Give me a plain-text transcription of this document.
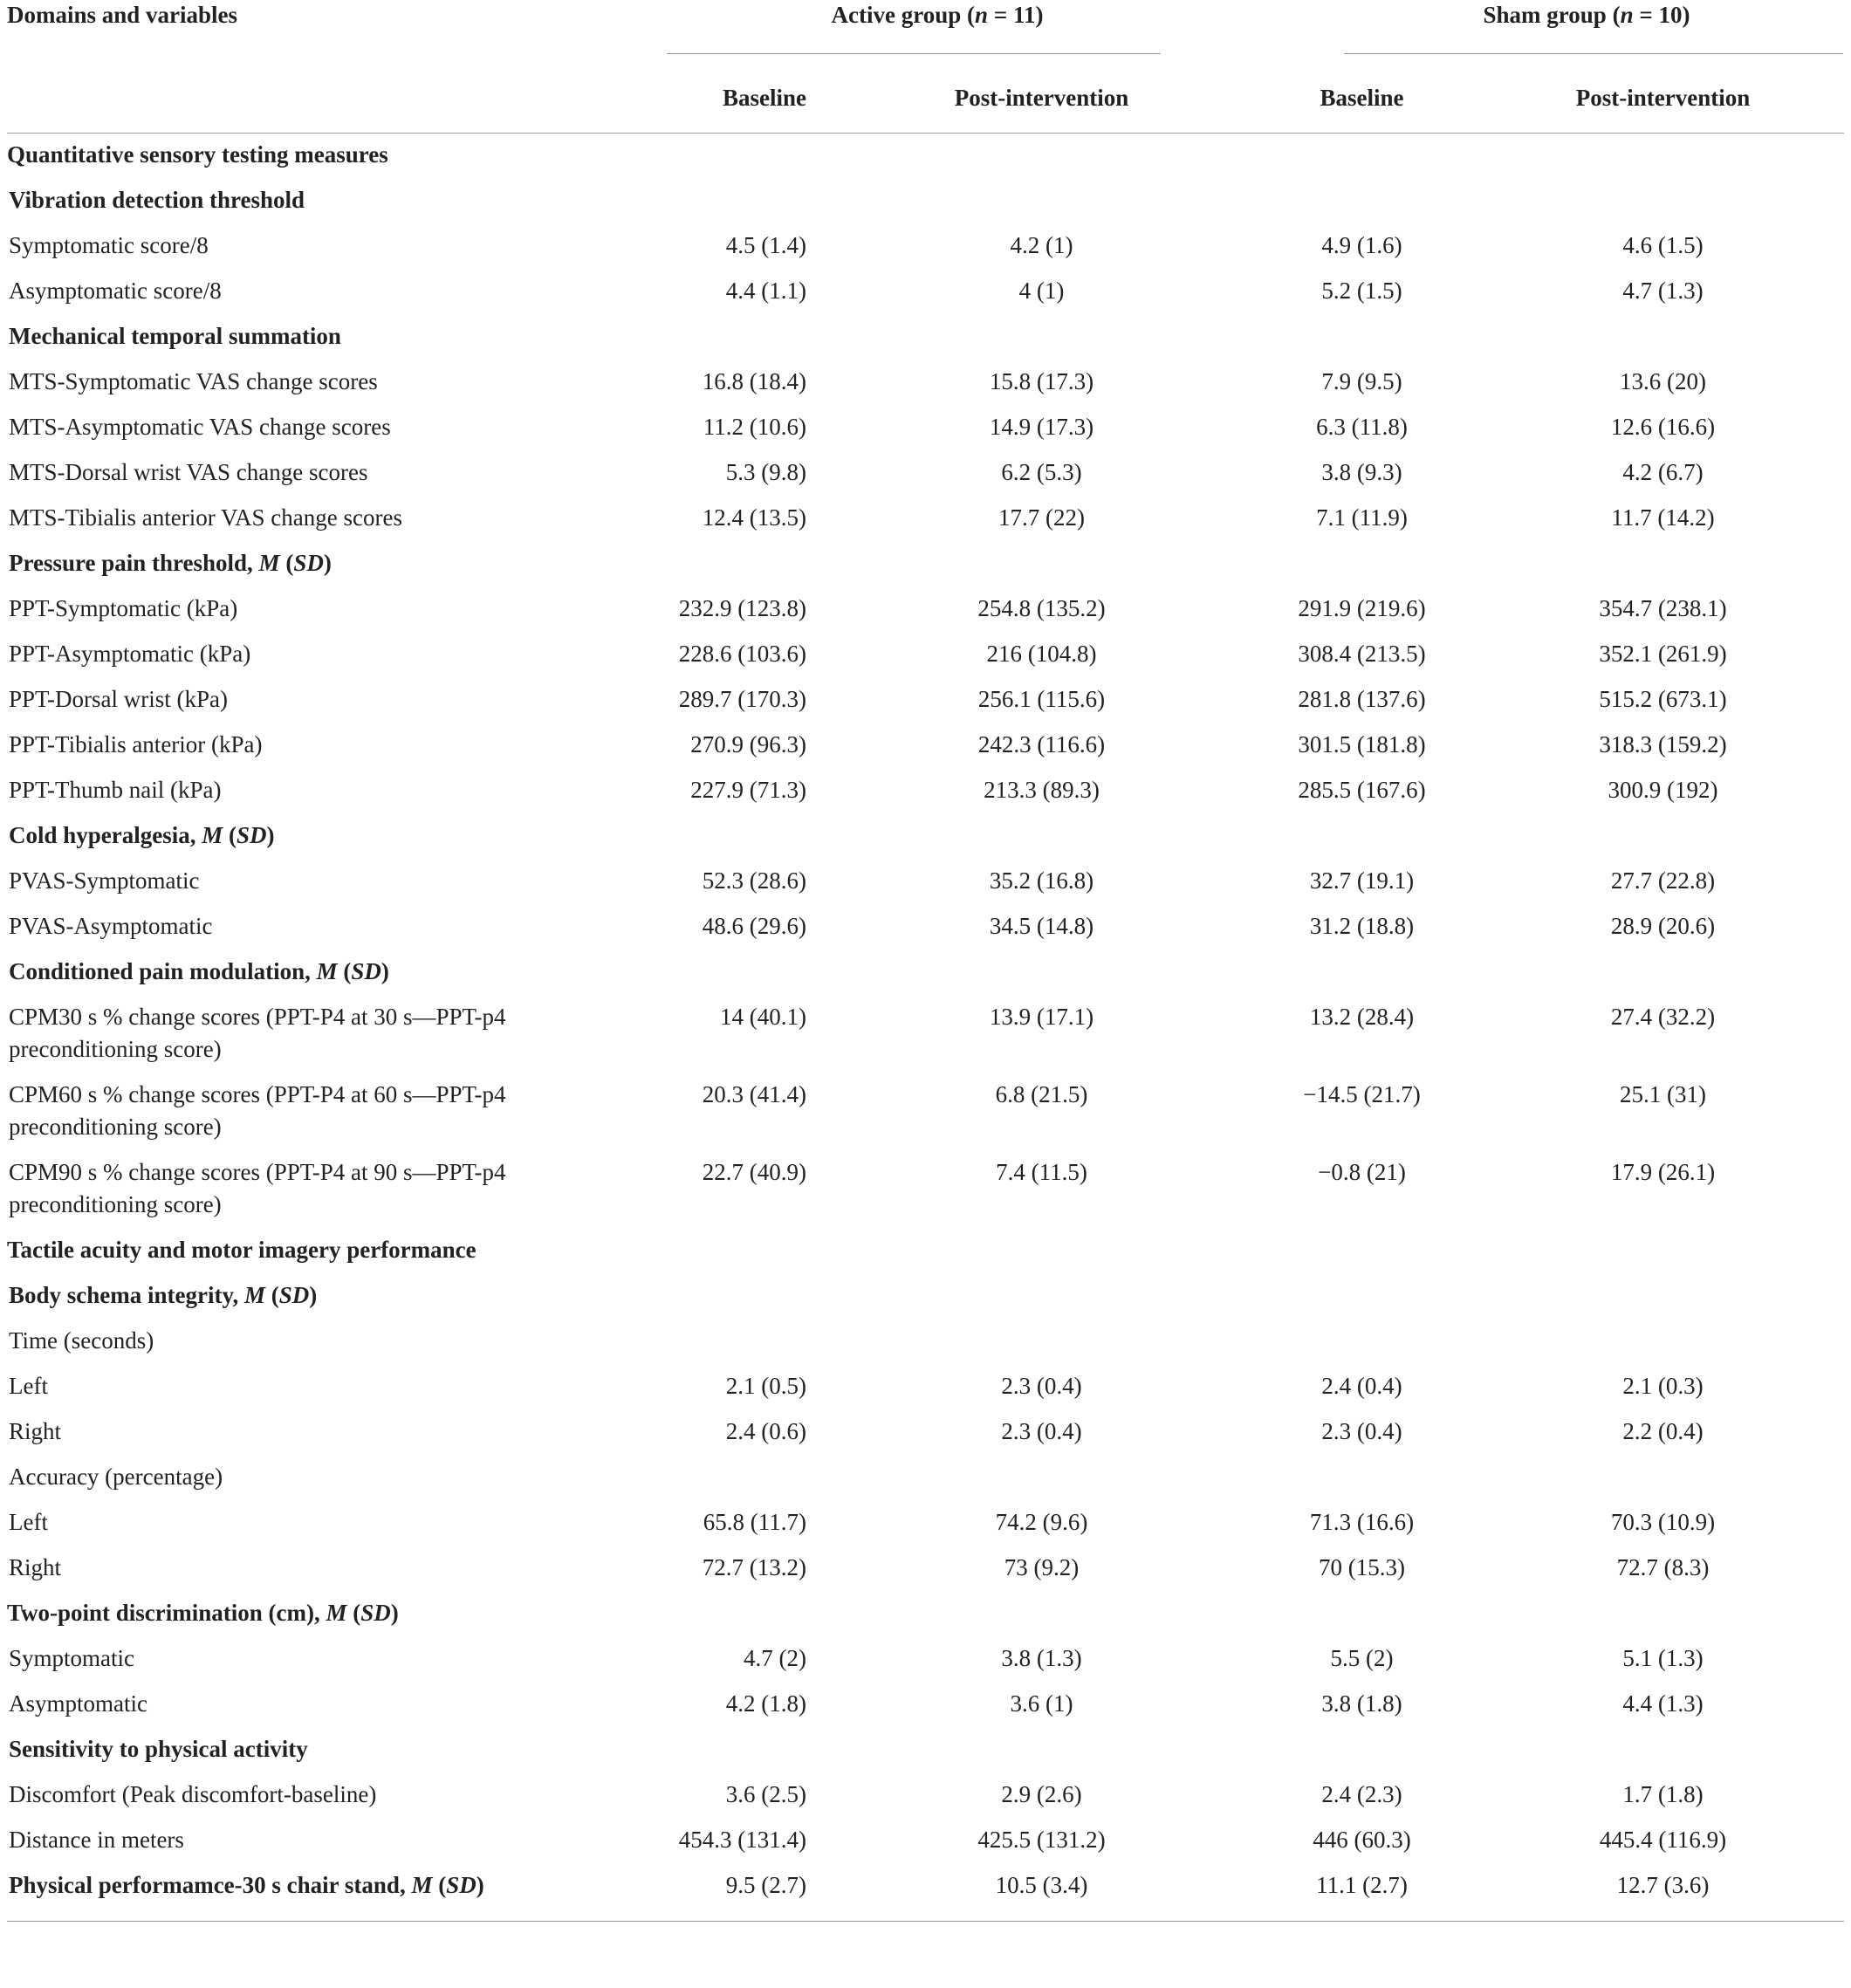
Domains and variables	Active group (n = 11)		Sham group (n = 10)	

	Baseline	Post-intervention	Baseline	Post-intervention
Quantitative sensory testing measures				
Vibration detection threshold				
Symptomatic score/8	4.5 (1.4)	4.2 (1)	4.9 (1.6)	4.6 (1.5)
Asymptomatic score/8	4.4 (1.1)	4 (1)	5.2 (1.5)	4.7 (1.3)
Mechanical temporal summation				
MTS-Symptomatic VAS change scores	16.8 (18.4)	15.8 (17.3)	7.9 (9.5)	13.6 (20)
MTS-Asymptomatic VAS change scores	11.2 (10.6)	14.9 (17.3)	6.3 (11.8)	12.6 (16.6)
MTS-Dorsal wrist VAS change scores	5.3 (9.8)	6.2 (5.3)	3.8 (9.3)	4.2 (6.7)
MTS-Tibialis anterior VAS change scores	12.4 (13.5)	17.7 (22)	7.1 (11.9)	11.7 (14.2)
Pressure pain threshold, M (SD)				
PPT-Symptomatic (kPa)	232.9 (123.8)	254.8 (135.2)	291.9 (219.6)	354.7 (238.1)
PPT-Asymptomatic (kPa)	228.6 (103.6)	216 (104.8)	308.4 (213.5)	352.1 (261.9)
PPT-Dorsal wrist (kPa)	289.7 (170.3)	256.1 (115.6)	281.8 (137.6)	515.2 (673.1)
PPT-Tibialis anterior (kPa)	270.9 (96.3)	242.3 (116.6)	301.5 (181.8)	318.3 (159.2)
PPT-Thumb nail (kPa)	227.9 (71.3)	213.3 (89.3)	285.5 (167.6)	300.9 (192)
Cold hyperalgesia, M (SD)				
PVAS-Symptomatic	52.3 (28.6)	35.2 (16.8)	32.7 (19.1)	27.7 (22.8)
PVAS-Asymptomatic	48.6 (29.6)	34.5 (14.8)	31.2 (18.8)	28.9 (20.6)
Conditioned pain modulation, M (SD)				
CPM30 s % change scores (PPT-P4 at 30 s—PPT-p4 preconditioning score)	14 (40.1)	13.9 (17.1)	13.2 (28.4)	27.4 (32.2)
CPM60 s % change scores (PPT-P4 at 60 s—PPT-p4 preconditioning score)	20.3 (41.4)	6.8 (21.5)	−14.5 (21.7)	25.1 (31)
CPM90 s % change scores (PPT-P4 at 90 s—PPT-p4 preconditioning score)	22.7 (40.9)	7.4 (11.5)	−0.8 (21)	17.9 (26.1)
Tactile acuity and motor imagery performance				
Body schema integrity, M (SD)				
Time (seconds)				
Left	2.1 (0.5)	2.3 (0.4)	2.4 (0.4)	2.1 (0.3)
Right	2.4 (0.6)	2.3 (0.4)	2.3 (0.4)	2.2 (0.4)
Accuracy (percentage)				
Left	65.8 (11.7)	74.2 (9.6)	71.3 (16.6)	70.3 (10.9)
Right	72.7 (13.2)	73 (9.2)	70 (15.3)	72.7 (8.3)
Two-point discrimination (cm), M (SD)				
Symptomatic	4.7 (2)	3.8 (1.3)	5.5 (2)	5.1 (1.3)
Asymptomatic	4.2 (1.8)	3.6 (1)	3.8 (1.8)	4.4 (1.3)
Sensitivity to physical activity				
Discomfort (Peak discomfort-baseline)	3.6 (2.5)	2.9 (2.6)	2.4 (2.3)	1.7 (1.8)
Distance in meters	454.3 (131.4)	425.5 (131.2)	446 (60.3)	445.4 (116.9)
Physical performamce-30 s chair stand, M (SD)	9.5 (2.7)	10.5 (3.4)	11.1 (2.7)	12.7 (3.6)
